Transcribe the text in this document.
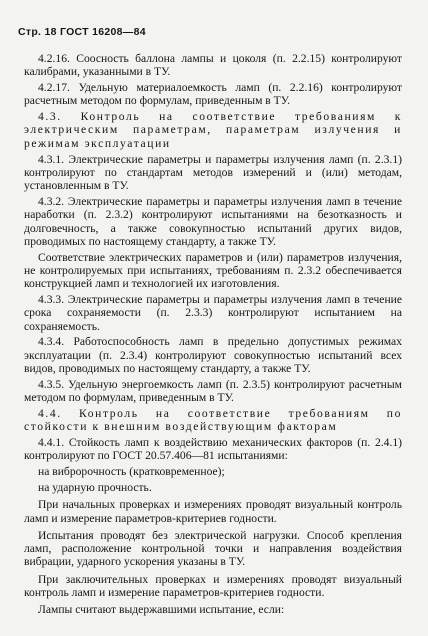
Стр. 18 ГОСТ 16208—84

4.2.16. Соосность баллона лампы и цоколя (п. 2.2.15) контролируют калибрами, указанными в ТУ.

4.2.17. Удельную материалоемкость ламп (п. 2.2.16) контролируют расчетным методом по формулам, приведенным в ТУ.

4.3. Контроль на соответствие требованиям к электрическим параметрам, параметрам излучения и режимам эксплуатации

4.3.1. Электрические параметры и параметры излучения ламп (п. 2.3.1) контролируют по стандартам методов измерений и (или) методам, установленным в ТУ.

4.3.2. Электрические параметры и параметры излучения ламп в течение наработки (п. 2.3.2) контролируют испытаниями на безотказность и долговечность, а также совокупностью испытаний других видов, проводимых по настоящему стандарту, а также ТУ.

Соответствие электрических параметров и (или) параметров излучения, не контролируемых при испытаниях, требованиям п. 2.3.2 обеспечивается конструкцией ламп и технологией их изготовления.

4.3.3. Электрические параметры и параметры излучения ламп в течение срока сохраняемости (п. 2.3.3) контролируют испытанием на сохраняемость.

4.3.4. Работоспособность ламп в предельно допустимых режимах эксплуатации (п. 2.3.4) контролируют совокупностью испытаний всех видов, проводимых по настоящему стандарту, а также ТУ.

4.3.5. Удельную энергоемкость ламп (п. 2.3.5) контролируют расчетным методом по формулам, приведенным в ТУ.

4.4. Контроль на соответствие требованиям по стойкости к внешним воздействующим факторам

4.4.1. Стойкость ламп к воздействию механических факторов (п. 2.4.1) контролируют по ГОСТ 20.57.406—81 испытаниями:

на вибророчность (кратковременное);

на ударную прочность.

При начальных проверках и измерениях проводят визуальный контроль ламп и измерение параметров-критериев годности.

Испытания проводят без электрической нагрузки. Способ крепления ламп, расположение контрольной точки и направления воздействия вибрации, ударного ускорения указаны в ТУ.

При заключительных проверках и измерениях проводят визуальный контроль ламп и измерение параметров-критериев годности.

Лампы считают выдержавшими испытание, если:
